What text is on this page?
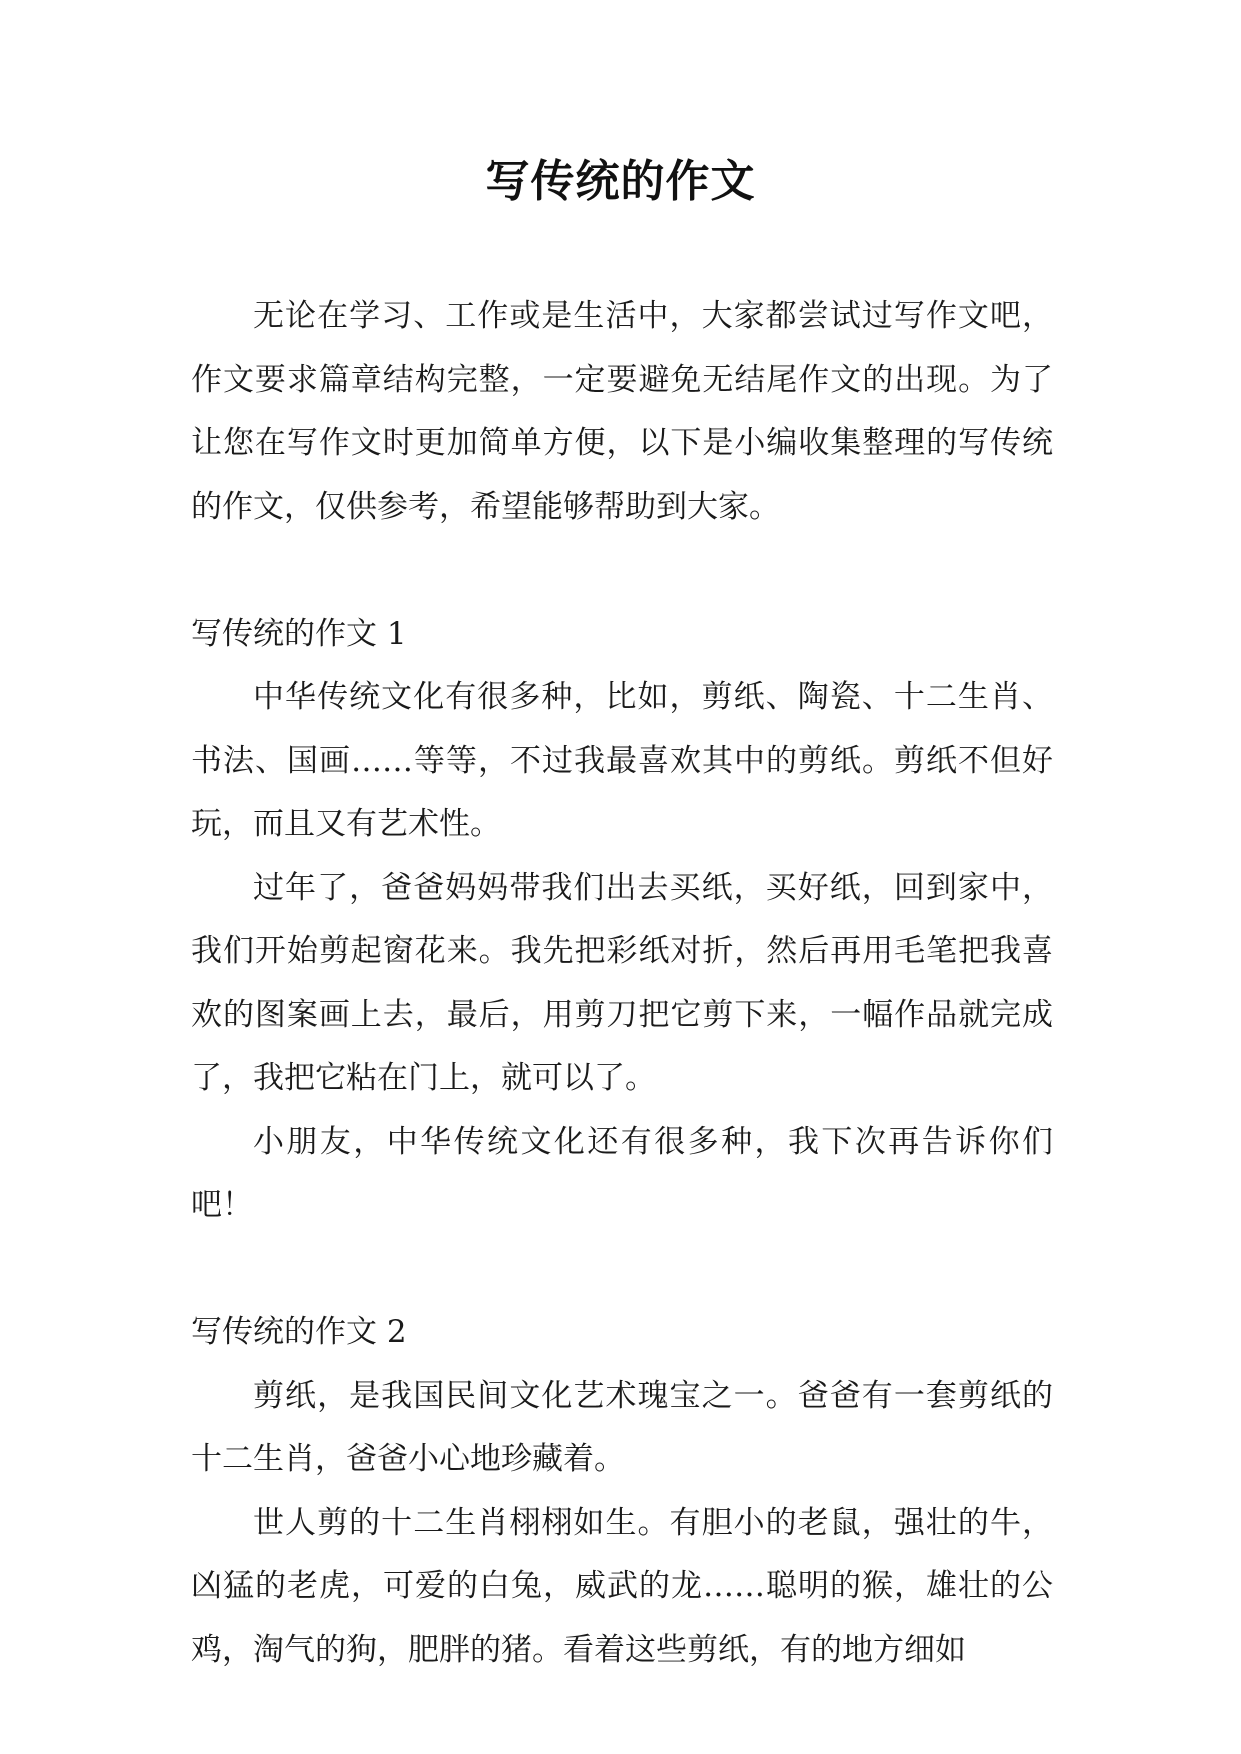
写传统的作文

无论在学习、工作或是生活中，大家都尝试过写作文吧，作文要求篇章结构完整，一定要避免无结尾作文的出现。为了让您在写作文时更加简单方便，以下是小编收集整理的写传统的作文，仅供参考，希望能够帮助到大家。

写传统的作文 1

中华传统文化有很多种，比如，剪纸、陶瓷、十二生肖、书法、国画……等等，不过我最喜欢其中的剪纸。剪纸不但好玩，而且又有艺术性。

过年了，爸爸妈妈带我们出去买纸，买好纸，回到家中，我们开始剪起窗花来。我先把彩纸对折，然后再用毛笔把我喜欢的图案画上去，最后，用剪刀把它剪下来，一幅作品就完成了，我把它粘在门上，就可以了。

小朋友，中华传统文化还有很多种，我下次再告诉你们吧！

写传统的作文 2

剪纸，是我国民间文化艺术瑰宝之一。爸爸有一套剪纸的十二生肖，爸爸小心地珍藏着。

世人剪的十二生肖栩栩如生。有胆小的老鼠，强壮的牛，凶猛的老虎，可爱的白兔，威武的龙……聪明的猴，雄壮的公鸡，淘气的狗，肥胖的猪。看着这些剪纸，有的地方细如
